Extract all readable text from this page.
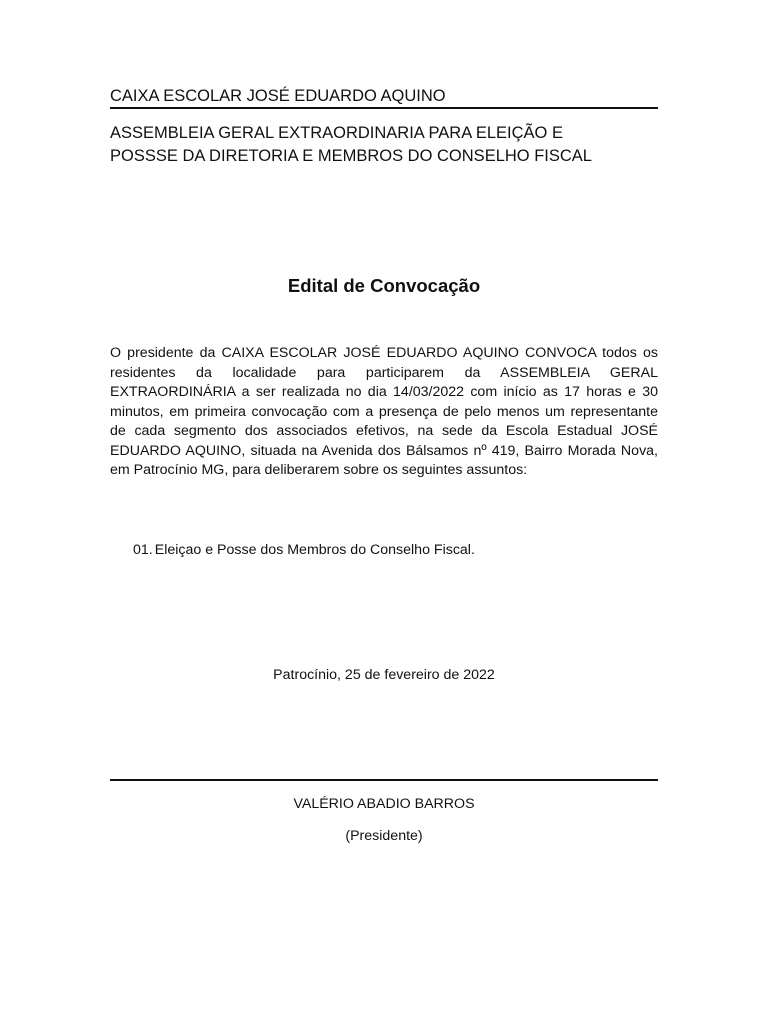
CAIXA ESCOLAR JOSÉ EDUARDO AQUINO
ASSEMBLEIA GERAL EXTRAORDINARIA PARA ELEIÇÃO E
POSSSE DA DIRETORIA E MEMBROS DO CONSELHO FISCAL
Edital de Convocação

O presidente da CAIXA ESCOLAR JOSÉ EDUARDO AQUINO CONVOCA todos os residentes da localidade para participarem da ASSEMBLEIA GERAL EXTRAORDINÁRIA a ser realizada no dia 14/03/2022 com início as 17 horas e 30 minutos, em primeira convocação com a presença de pelo menos um representante de cada segmento dos associados efetivos, na sede da Escola Estadual JOSÉ EDUARDO AQUINO, situada na Avenida dos Bálsamos nº 419, Bairro Morada Nova, em Patrocínio MG, para deliberarem sobre os seguintes assuntos:

01. Eleiçao e Posse dos Membros do Conselho Fiscal.
Patrocínio, 25 de fevereiro de 2022
VALÉRIO ABADIO BARROS
(Presidente)
